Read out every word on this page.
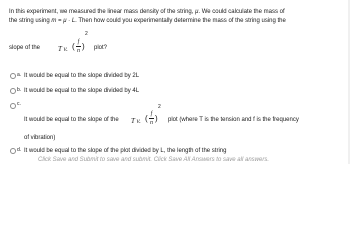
In this experiment, we measured the linear mass density of the string, μ. We could calculate the mass of
the string using m = μ · L. Then how could you experimentally determine the mass of the string using the
slope of the	T v. ( f
n )
2
plot?
a. It would be equal to the slope divided by 2L
b. It would be equal to the slope divided by 4L
c.
It would be equal to the slope of the T v. ( f
n )
2
plot (where T is the tension and f is the frequency
of vibration)
d. It would be equal to the slope of the plot divided by L, the length of the string
Click Save and Submit to save and submit. Click Save All Answers to save all answers.
